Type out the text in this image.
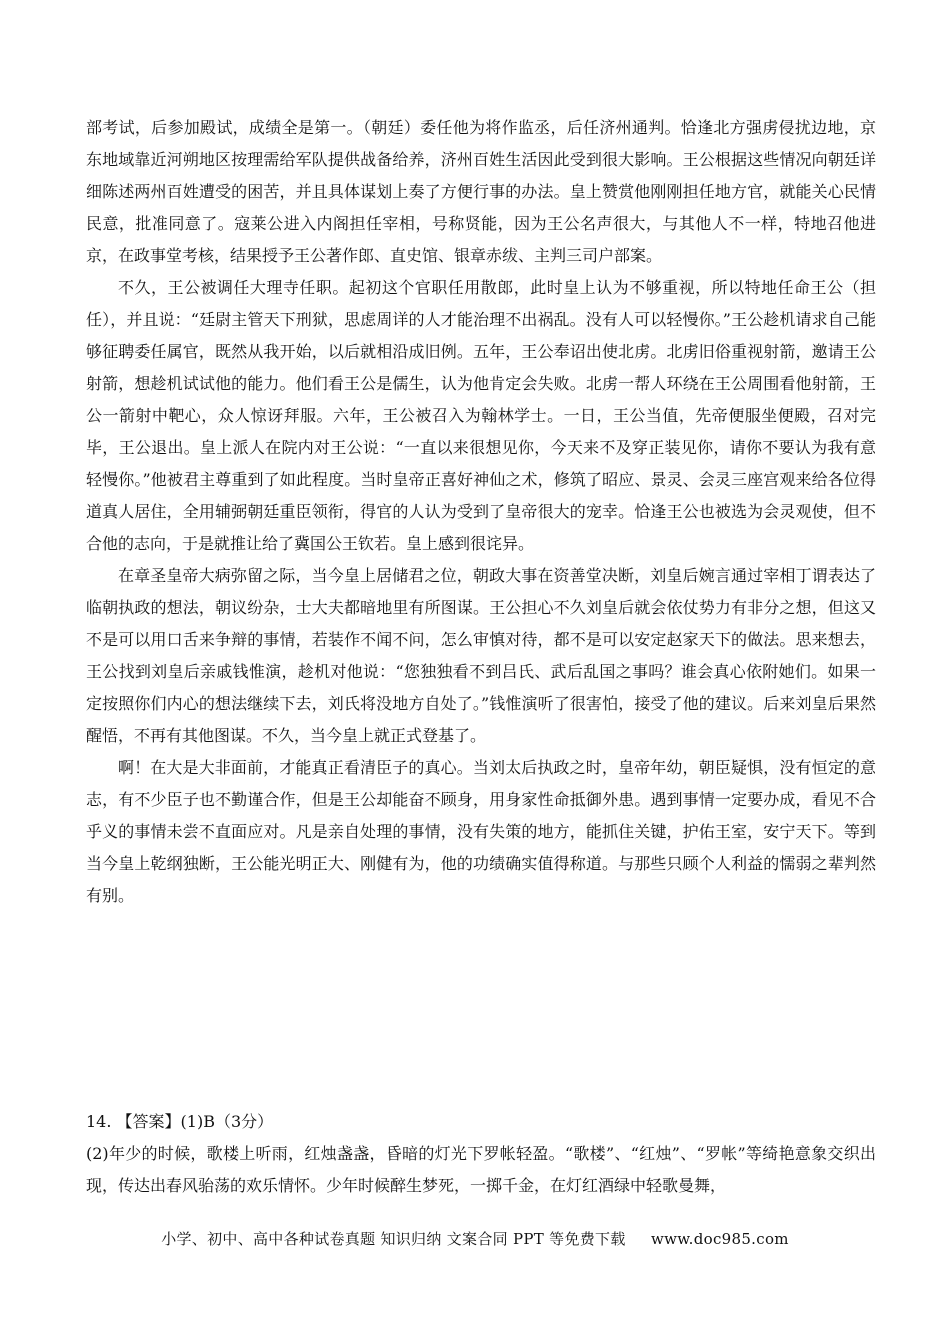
部考试，后参加殿试，成绩全是第一。（朝廷）委任他为将作监丞，后任济州通判。恰逢北方强虏侵扰边地，京东地域靠近河朔地区按理需给军队提供战备给养，济州百姓生活因此受到很大影响。王公根据这些情况向朝廷详细陈述两州百姓遭受的困苦，并且具体谋划上奏了方便行事的办法。皇上赞赏他刚刚担任地方官，就能关心民情民意，批准同意了。寇莱公进入内阁担任宰相，号称贤能，因为王公名声很大，与其他人不一样，特地召他进京，在政事堂考核，结果授予王公著作郎、直史馆、银章赤绂、主判三司户部案。

不久，王公被调任大理寺任职。起初这个官职任用散郎，此时皇上认为不够重视，所以特地任命王公（担任），并且说：“廷尉主管天下刑狱，思虑周详的人才能治理不出祸乱。没有人可以轻慢你。”王公趁机请求自己能够征聘委任属官，既然从我开始，以后就相沿成旧例。五年，王公奉诏出使北虏。北虏旧俗重视射箭，邀请王公射箭，想趁机试试他的能力。他们看王公是儒生，认为他肯定会失败。北虏一帮人环绕在王公周围看他射箭，王公一箭射中靶心，众人惊讶拜服。六年，王公被召入为翰林学士。一日，王公当值，先帝便服坐便殿，召对完毕，王公退出。皇上派人在院内对王公说：“一直以来很想见你，今天来不及穿正装见你，请你不要认为我有意轻慢你。”他被君主尊重到了如此程度。当时皇帝正喜好神仙之术，修筑了昭应、景灵、会灵三座宫观来给各位得道真人居住，全用辅弼朝廷重臣领衔，得官的人认为受到了皇帝很大的宠幸。恰逢王公也被选为会灵观使，但不合他的志向，于是就推让给了冀国公王钦若。皇上感到很诧异。

在章圣皇帝大病弥留之际，当今皇上居储君之位，朝政大事在资善堂决断，刘皇后婉言通过宰相丁谓表达了临朝执政的想法，朝议纷杂，士大夫都暗地里有所图谋。王公担心不久刘皇后就会依仗势力有非分之想，但这又不是可以用口舌来争辩的事情，若装作不闻不问，怎么审慎对待，都不是可以安定赵家天下的做法。思来想去，王公找到刘皇后亲戚钱惟演，趁机对他说：“您独独看不到吕氏、武后乱国之事吗？谁会真心依附她们。如果一定按照你们内心的想法继续下去，刘氏将没地方自处了。”钱惟演听了很害怕，接受了他的建议。后来刘皇后果然醒悟，不再有其他图谋。不久，当今皇上就正式登基了。

啊！在大是大非面前，才能真正看清臣子的真心。当刘太后执政之时，皇帝年幼，朝臣疑惧，没有恒定的意志，有不少臣子也不勤谨合作，但是王公却能奋不顾身，用身家性命抵御外患。遇到事情一定要办成，看见不合乎义的事情未尝不直面应对。凡是亲自处理的事情，没有失策的地方，能抓住关键，护佑王室，安宁天下。等到当今皇上乾纲独断，王公能光明正大、刚健有为，他的功绩确实值得称道。与那些只顾个人利益的懦弱之辈判然有别。

14. 【答案】(1)B（3分）

(2)年少的时候，歌楼上听雨，红烛盏盏，昏暗的灯光下罗帐轻盈。“歌楼”、“红烛”、“罗帐”等绮艳意象交织出现，传达出春风骀荡的欢乐情怀。少年时候醉生梦死，一掷千金，在灯红酒绿中轻歌曼舞，

小学、初中、高中各种试卷真题 知识归纳 文案合同 PPT 等免费下载 www.doc985.com
